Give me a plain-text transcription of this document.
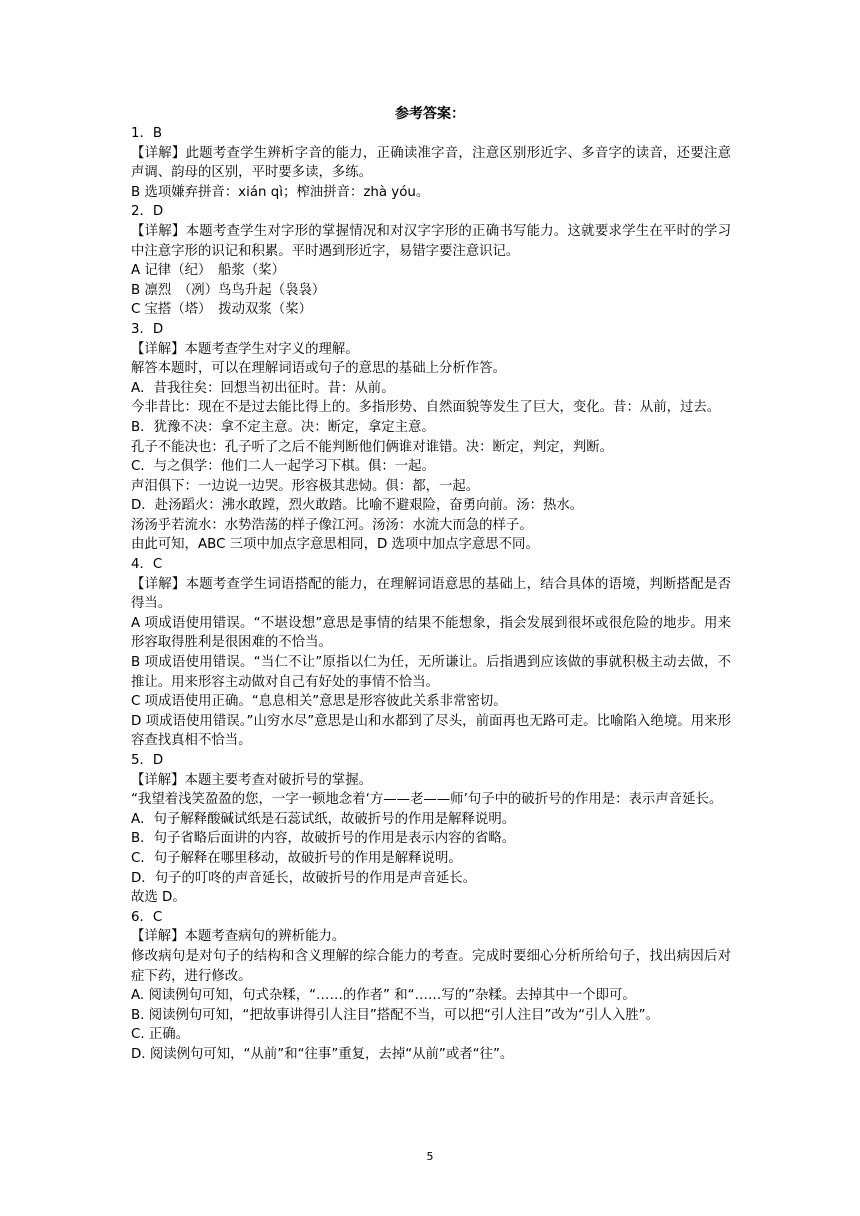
参考答案：
1．B
【详解】此题考查学生辨析字音的能力，正确读准字音，注意区别形近字、多音字的读音，还要注意声调、韵母的区别，平时要多读，多练。
B 选项嫌弃拼音：xián qì；榨油拼音：zhà yóu。
2．D
【详解】本题考查学生对字形的掌握情况和对汉字字形的正确书写能力。这就要求学生在平时的学习中注意字形的识记和积累。平时遇到形近字，易错字要注意识记。
A 记律（纪）　船浆（桨）
B 凛烈　（冽）鸟鸟升起（袅袅）
C 宝搭（塔）　拨动双浆（桨）
3．D
【详解】本题考查学生对字义的理解。
解答本题时，可以在理解词语或句子的意思的基础上分析作答。
A．昔我往矣：回想当初出征时。昔：从前。
今非昔比：现在不是过去能比得上的。多指形势、自然面貌等发生了巨大，变化。昔：从前，过去。
B．犹豫不决：拿不定主意。决：断定，拿定主意。
孔子不能决也：孔子听了之后不能判断他们俩谁对谁错。决：断定，判定，判断。
C．与之俱学：他们二人一起学习下棋。俱：一起。
声泪俱下：一边说一边哭。形容极其悲恸。俱：都，一起。
D．赴汤蹈火：沸水敢蹚，烈火敢踏。比喻不避艰险，奋勇向前。汤：热水。
汤汤乎若流水：水势浩荡的样子像江河。汤汤：水流大而急的样子。
由此可知，ABC 三项中加点字意思相同，D 选项中加点字意思不同。
4．C
【详解】本题考查学生词语搭配的能力，在理解词语意思的基础上，结合具体的语境，判断搭配是否得当。
A 项成语使用错误。“不堪设想”意思是事情的结果不能想象，指会发展到很坏或很危险的地步。用来形容取得胜利是很困难的不恰当。
B 项成语使用错误。“当仁不让”原指以仁为任，无所谦让。后指遇到应该做的事就积极主动去做，不推让。用来形容主动做对自己有好处的事情不恰当。
C 项成语使用正确。“息息相关”意思是形容彼此关系非常密切。
D 项成语使用错误。”山穷水尽”意思是山和水都到了尽头，前面再也无路可走。比喻陷入绝境。用来形容查找真相不恰当。
5．D
【详解】本题主要考查对破折号的掌握。
“我望着浅笑盈盈的您，一字一顿地念着‘方——老——师’句子中的破折号的作用是：表示声音延长。
A．句子解释酸碱试纸是石蕊试纸，故破折号的作用是解释说明。
B．句子省略后面讲的内容，故破折号的作用是表示内容的省略。
C．句子解释在哪里移动，故破折号的作用是解释说明。
D．句子的叮咚的声音延长，故破折号的作用是声音延长。
故选 D。
6．C
【详解】本题考查病句的辨析能力。
修改病句是对句子的结构和含义理解的综合能力的考查。完成时要细心分析所给句子，找出病因后对症下药，进行修改。
A. 阅读例句可知，句式杂糅，“……的作者” 和“……写的”杂糅。去掉其中一个即可。
B. 阅读例句可知，“把故事讲得引人注目”搭配不当，可以把“引人注目”改为“引人入胜”。
C. 正确。
D. 阅读例句可知，“从前”和“往事”重复，去掉“从前”或者“往”。
5
